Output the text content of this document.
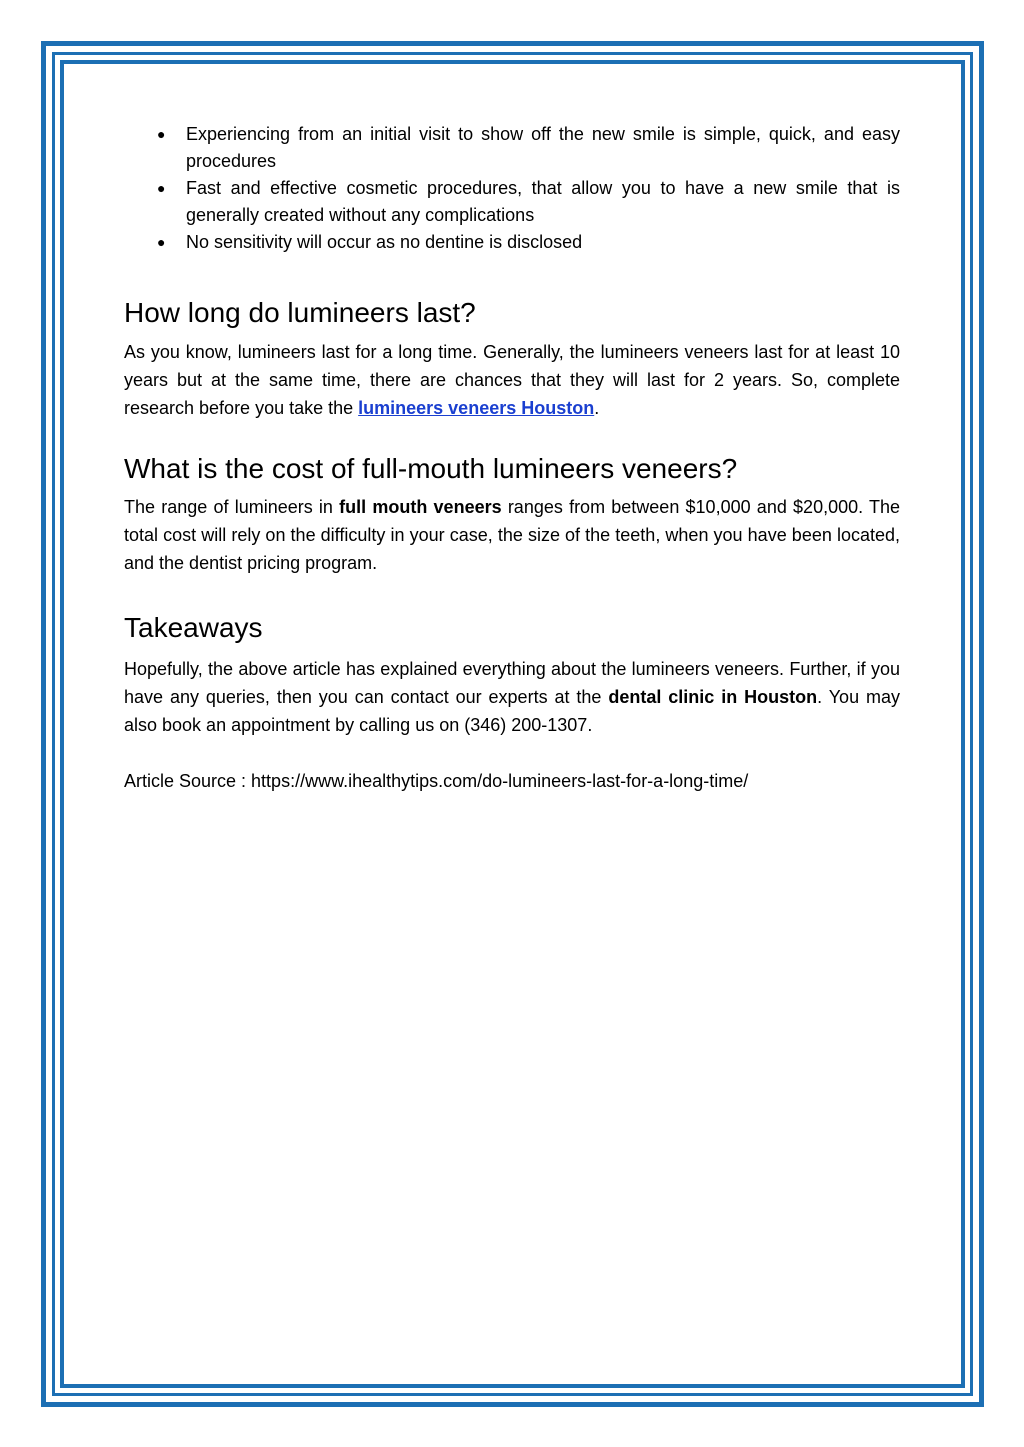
● Experiencing from an initial visit to show off the new smile is simple, quick, and easy procedures
● Fast and effective cosmetic procedures, that allow you to have a new smile that is generally created without any complications
● No sensitivity will occur as no dentine is disclosed
How long do lumineers last?

As you know, lumineers last for a long time. Generally, the lumineers veneers last for at least 10 years but at the same time, there are chances that they will last for 2 years. So, complete research before you take the lumineers veneers Houston.

What is the cost of full-mouth lumineers veneers?

The range of lumineers in full mouth veneers ranges from between $10,000 and $20,000. The total cost will rely on the difficulty in your case, the size of the teeth, when you have been located, and the dentist pricing program.

Takeaways

Hopefully, the above article has explained everything about the lumineers veneers. Further, if you have any queries, then you can contact our experts at the dental clinic in Houston. You may also book an appointment by calling us on (346) 200-1307.

Article Source : https://www.ihealthytips.com/do-lumineers-last-for-a-long-time/
